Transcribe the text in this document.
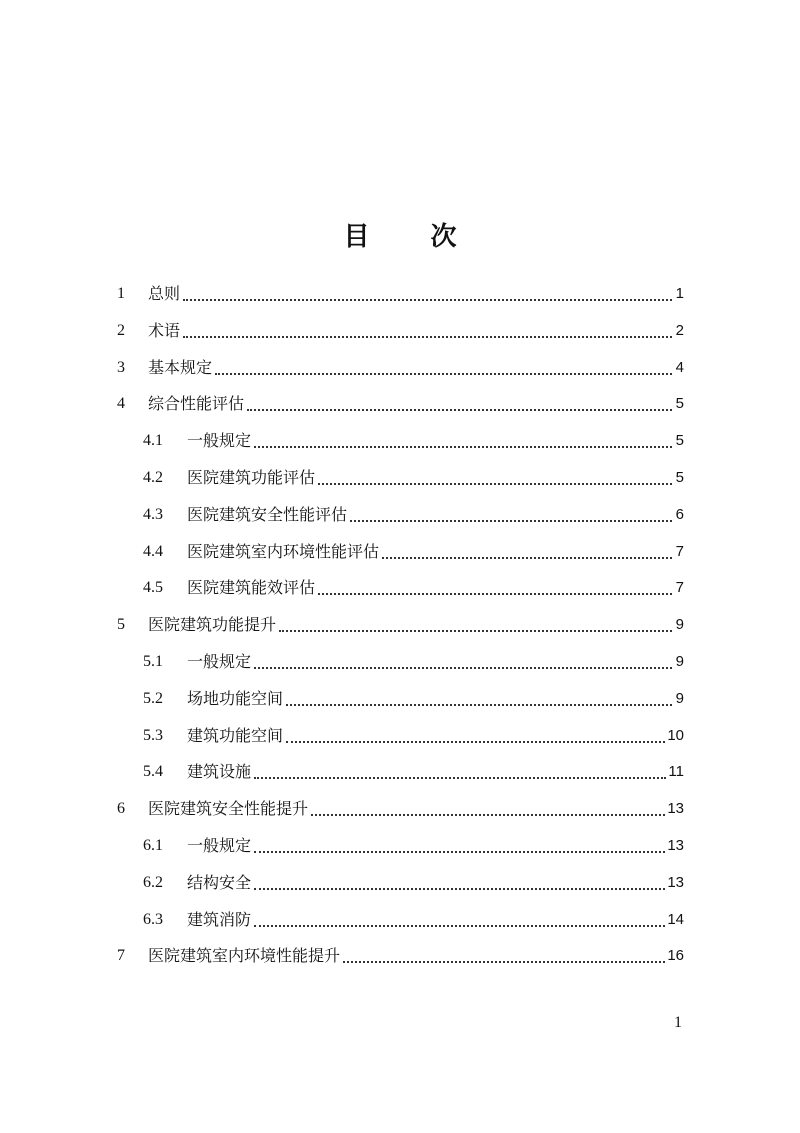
目 次
1	总则	1
2	术语	2
3	基本规定	4
4	综合性能评估	5
4.1	一般规定	5
4.2	医院建筑功能评估	5
4.3	医院建筑安全性能评估	6
4.4	医院建筑室内环境性能评估	7
4.5	医院建筑能效评估	7
5	医院建筑功能提升	9
5.1	一般规定	9
5.2	场地功能空间	9
5.3	建筑功能空间	10
5.4	建筑设施	11
6	医院建筑安全性能提升	13
6.1	一般规定	13
6.2	结构安全	13
6.3	建筑消防	14
7	医院建筑室内环境性能提升	16
1
